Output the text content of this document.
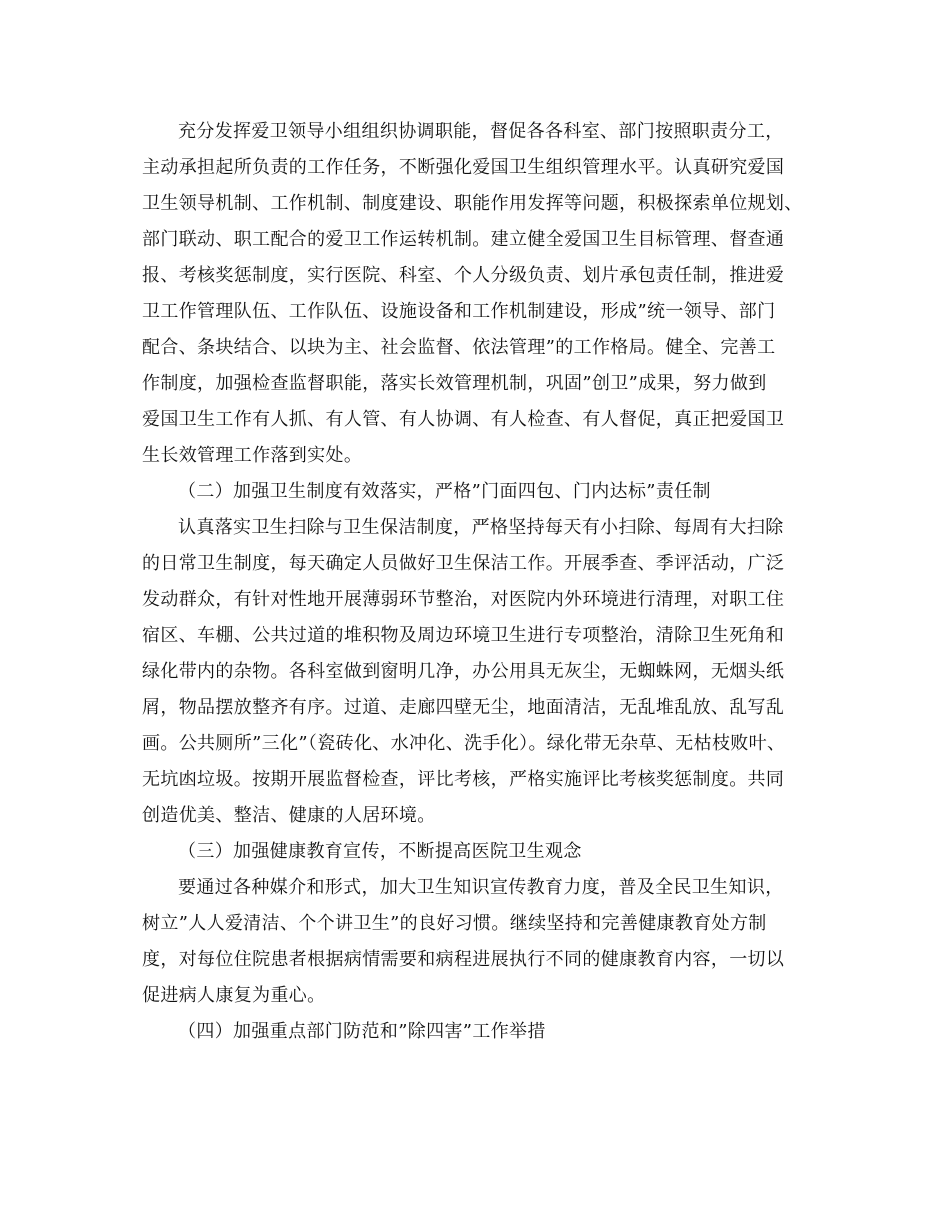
充分发挥爱卫领导小组组织协调职能，督促各各科室、部门按照职责分工，
主动承担起所负责的工作任务，不断强化爱国卫生组织管理水平。认真研究爱国
卫生领导机制、工作机制、制度建设、职能作用发挥等问题，积极探索单位规划、
部门联动、职工配合的爱卫工作运转机制。建立健全爱国卫生目标管理、督查通
报、考核奖惩制度，实行医院、科室、个人分级负责、划片承包责任制，推进爱
卫工作管理队伍、工作队伍、设施设备和工作机制建设，形成”统一领导、部门
配合、条块结合、以块为主、社会监督、依法管理”的工作格局。健全、完善工
作制度，加强检查监督职能，落实长效管理机制，巩固”创卫”成果，努力做到
爱国卫生工作有人抓、有人管、有人协调、有人检查、有人督促，真正把爱国卫
生长效管理工作落到实处。
（二）加强卫生制度有效落实，严格”门面四包、门内达标”责任制
认真落实卫生扫除与卫生保洁制度，严格坚持每天有小扫除、每周有大扫除
的日常卫生制度，每天确定人员做好卫生保洁工作。开展季查、季评活动，广泛
发动群众，有针对性地开展薄弱环节整治，对医院内外环境进行清理，对职工住
宿区、车棚、公共过道的堆积物及周边环境卫生进行专项整治，清除卫生死角和
绿化带内的杂物。各科室做到窗明几净，办公用具无灰尘，无蜘蛛网，无烟头纸
屑，物品摆放整齐有序。过道、走廊四壁无尘，地面清洁，无乱堆乱放、乱写乱
画。公共厕所”三化”（瓷砖化、水冲化、洗手化）。绿化带无杂草、无枯枝败叶、
无坑凼垃圾。按期开展监督检查，评比考核，严格实施评比考核奖惩制度。共同
创造优美、整洁、健康的人居环境。
（三）加强健康教育宣传，不断提高医院卫生观念
要通过各种媒介和形式，加大卫生知识宣传教育力度，普及全民卫生知识，
树立”人人爱清洁、个个讲卫生”的良好习惯。继续坚持和完善健康教育处方制
度，对每位住院患者根据病情需要和病程进展执行不同的健康教育内容，一切以
促进病人康复为重心。
（四）加强重点部门防范和”除四害”工作举措
